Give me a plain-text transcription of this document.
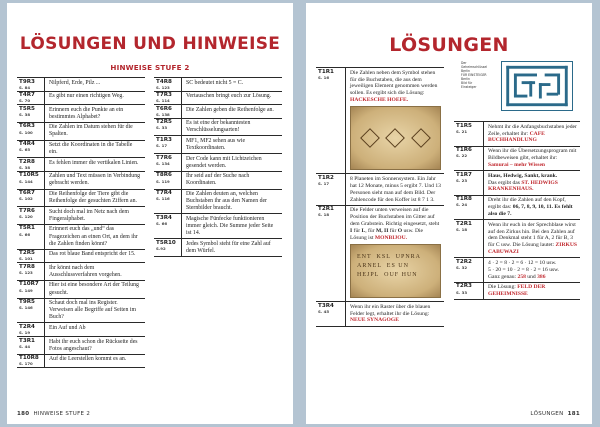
LÖSUNGEN UND HINWEISE
HINWEISE STUFE 2
T9R3
S. 84
Nilpferd, Erde, Pilz ...
T4R7
S. 70
Es gibt nur einen richtigen Weg.
T5R5
S. 38
Erinnern euch die Punkte an ein bestimmtes Alphabet?
T6R3
S. 100
Die Zahlen im Datum stehen für die Spalten.
T4R4
S. 65
Setzt die Koordinaten in die Tabelle ein.
T2R8
S. 38
Es fehlen immer die vertikalen Linien.
T10R5
S. 144
Zahlen und Text müssen in Verbindung gebracht werden.
T6R7
S. 102
Die Reihenfolge der Tiere gibt die Reihenfolge der gesuchten Ziffern an.
T7R6
S. 120
Sucht doch mal im Netz nach dem Fingeralphabet.
T5R1
S. 66
Erinnert euch das „und“ das Fragezeichen an einen Ort, an dem ihr die Zahlen finden könnt?
T2R5
S. 101
Das rot blaue Band entspricht der 15.
T7R8
S. 123
Ihr könnt nach dem Ausschlussverfahren vorgehen.
T10R7
S. 149
Hier ist eine besondere Art der Teilung gesucht.
T9R5
S. 146
Schaut doch mal ins Register. Verweisen alle Begriffe auf Seiten im Buch?
T2R4
S. 19
Ein Auf und Ab
T3R1
S. 44
Habt ihr euch schon die Rückseite des Fotos angeschaut?
T10R8
S. 170
Auf die Leerstellen kommt es an.
T4R8
S. 123
SC bedeutet nicht 5 = C.
T7R3
S. 114
Vertauschen bringt euch zur Lösung.
T6R6
S. 138
Die Zahlen geben die Reihenfolge an.
T2R5
S. 33
Es ist eine der bekanntesten Verschlüsselungsarten!
T1R3
S. 17
MF1, MF2 sehen aus wie Textkoordinaten.
T7R6
S. 134
Der Code kann mit Lichtzeichen gesendet werden.
T8R6
S. 119
Ihr seid auf der Suche nach Koordinaten.
T7R4
S. 116
Die Zahlen deuten an, welchen Buchstaben ihr aus den Namen der Sternbilder braucht.
T3R4
S. 66
Magische Fünfecke funktionieren immer gleich. Die Summe jeder Seite ist 14.
T5R10
S.92
Jedes Symbol steht für eine Zahl auf dem Würfel.
180 HINWEISE STUFE 2
LÖSUNGEN
Der
Geheimschlüssel
Berlin
FÜR EINSTEIGER
Berlin
Bild für
Einsteiger
T1R1
S. 16
Die Zahlen neben dem Symbol stehen für die Buchstaben, die aus dem jeweiligen Element genommen werden sollen. Es ergibt sich die Lösung: HACKESCHE HOEFE.
T1R2
S. 17
8 Planeten im Sonnensystem. Ein Jahr hat 12 Monate, minus 5 ergibt 7. Und 13 Personen sieht man auf dem Bild. Der Zahlencode für den Koffer ist 8 7 1 3.
T2R1
S. 18
Die Felder unten verweisen auf die Position der Buchstaben im Gitter auf dem Grabstein. Richtig eingesetzt, steht I für L, für M, II für O usw. Die Lösung ist MONBIJOU.
ENT  KSL  UPNRA
ARNEL  ES UN
HEJPL  OUF HUN
T3R4
S. 45
Wenn ihr ein Raster über die blauen Felder legt, erhaltet ihr die Lösung: NEUE SYNAGOGE
T1R5
S. 21
Nehmt ihr die Anfangsbuchstaben jeder Zeile, erhaltet ihr: CAFE BUCHHANDLUNG
T1R6
S. 22
Wenn ihr die Übersetzungsprogram mit Bildbeweisen gibt, erhaltet ihr:
Samurai – mehr Wissen
T1R7
S. 23
Haus, Hedwig, Sankt, krank.
Das ergibt das ST. HEDWIGS KRANKENHAUS.
T1R8
S. 24
Dreht ihr die Zahlen auf den Kopf, ergibt das: 06, 7, 8, 9, 10, 11. Es fehlt also die 7.
T2R1
S. 18
Wenn ihr euch in der Sprechblase wirst auf den Zirkus hin. Bei den Zahlen auf dem Denkmal steht 1 für A, 2 für B, 3 für C usw. Die Lösung lautet: ZIRKUS CABUWAZI
T2R2
S. 32
4 · 2 = 8 · 2 = 6 · 12 = 10 usw.
5 · 20 = 10 · 2 = 8 · 2 = 16 usw.
Ganz genau: 258 und 386
T2R3
S. 33
Die Lösung: FELD DER GEHEIMNISSE
LÖSUNGEN 181
